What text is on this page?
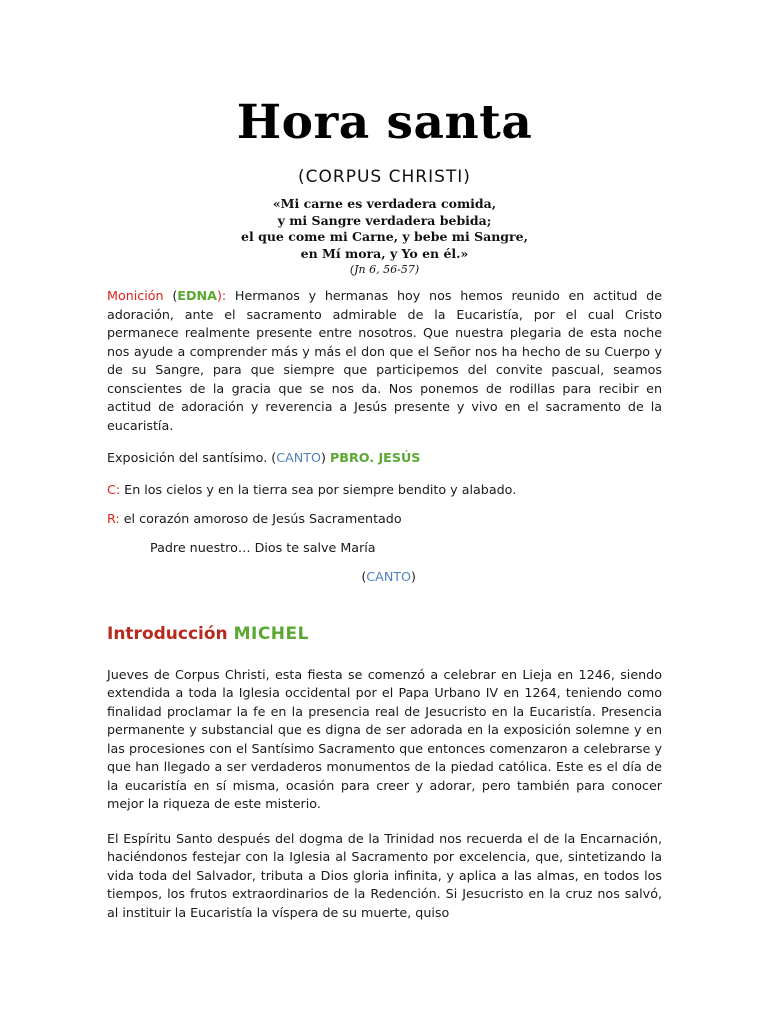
Hora santa
(CORPUS CHRISTI)
«Mi carne es verdadera comida,
y mi Sangre verdadera bebida;
el que come mi Carne, y bebe mi Sangre,
en Mí mora, y Yo en él.»
(Jn 6, 56-57)

Monición (EDNA): Hermanos y hermanas hoy nos hemos reunido en actitud de adoración, ante el sacramento admirable de la Eucaristía, por el cual Cristo permanece realmente presente entre nosotros. Que nuestra plegaria de esta noche nos ayude a comprender más y más el don que el Señor nos ha hecho de su Cuerpo y de su Sangre, para que siempre que participemos del convite pascual, seamos conscientes de la gracia que se nos da. Nos ponemos de rodillas para recibir en actitud de adoración y reverencia a Jesús presente y vivo en el sacramento de la eucaristía.

Exposición del santísimo. (CANTO) PBRO. JESÚS

C: En los cielos y en la tierra sea por siempre bendito y alabado.

R: el corazón amoroso de Jesús Sacramentado

Padre nuestro… Dios te salve María

(CANTO)

Introducción MICHEL

Jueves de Corpus Christi, esta fiesta se comenzó a celebrar en Lieja en 1246, siendo extendida a toda la Iglesia occidental por el Papa Urbano IV en 1264, teniendo como finalidad proclamar la fe en la presencia real de Jesucristo en la Eucaristía. Presencia permanente y substancial que es digna de ser adorada en la exposición solemne y en las procesiones con el Santísimo Sacramento que entonces comenzaron a celebrarse y que han llegado a ser verdaderos monumentos de la piedad católica. Este es el día de la eucaristía en sí misma, ocasión para creer y adorar, pero también para conocer mejor la riqueza de este misterio.

El Espíritu Santo después del dogma de la Trinidad nos recuerda el de la Encarnación, haciéndonos festejar con la Iglesia al Sacramento por excelencia, que, sintetizando la vida toda del Salvador, tributa a Dios gloria infinita, y aplica a las almas, en todos los tiempos, los frutos extraordinarios de la Redención. Si Jesucristo en la cruz nos salvó, al instituir la Eucaristía la víspera de su muerte, quiso
